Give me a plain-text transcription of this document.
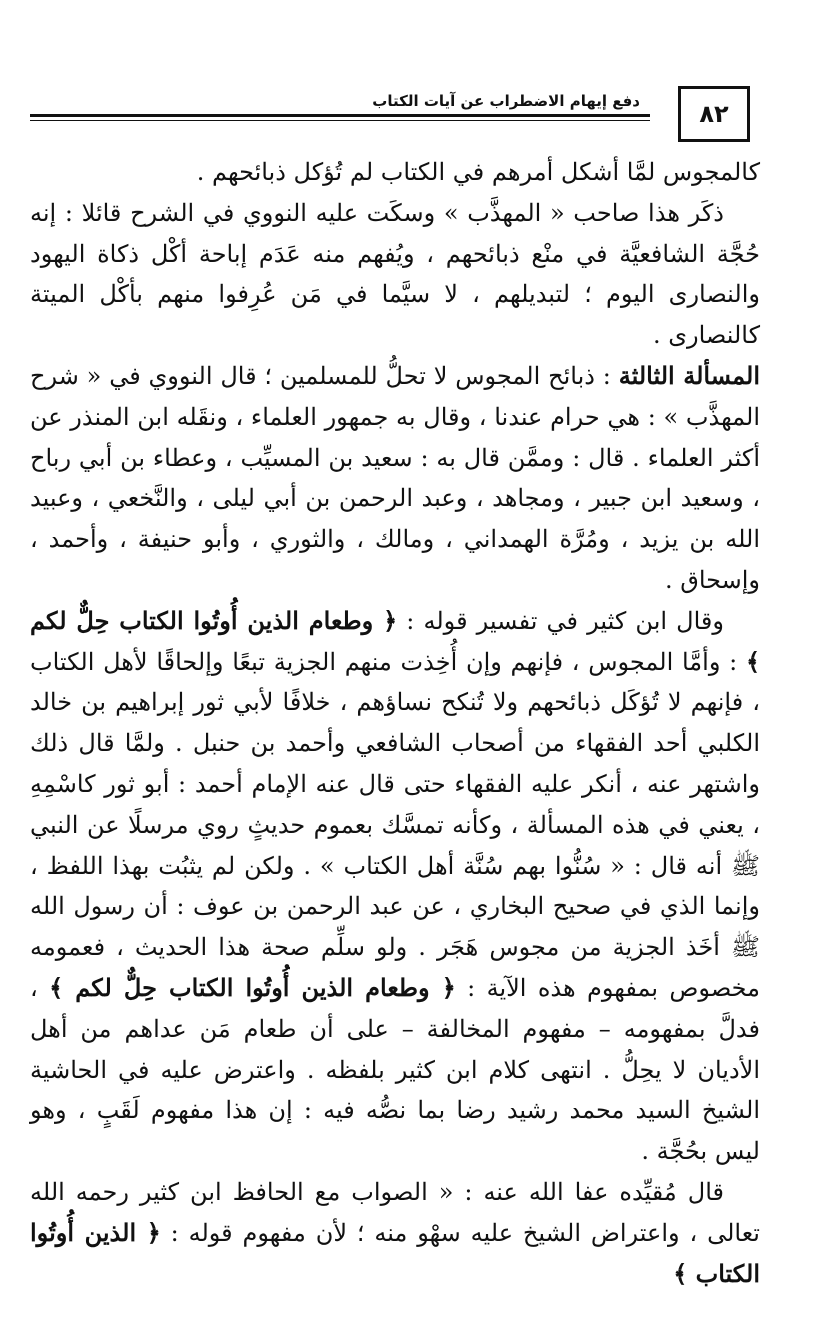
٨٢
دفع إيهام الاضطراب عن آيات الكتاب

كالمجوس لمَّا أشكل أمرهم في الكتاب لم تُؤكل ذبائحهم .

ذكَر هذا صاحب « المهذَّب » وسكَت عليه النووي في الشرح قائلا : إنه حُجَّة الشافعيَّة في منْع ذبائحهم ، ويُفهم منه عَدَم إباحة أكْل ذكاة اليهود والنصارى اليوم ؛ لتبديلهم ، لا سيَّما في مَن عُرِفوا منهم بأكْل الميتة كالنصارى .

المسألة الثالثة : ذبائح المجوس لا تحلُّ للمسلمين ؛ قال النووي في « شرح المهذَّب » : هي حرام عندنا ، وقال به جمهور العلماء ، ونقَله ابن المنذر عن أكثر العلماء . قال : وممَّن قال به : سعيد بن المسيِّب ، وعطاء بن أبي رباح ، وسعيد ابن جبير ، ومجاهد ، وعبد الرحمن بن أبي ليلى ، والنَّخعي ، وعبيد الله بن يزيد ، ومُرَّة الهمداني ، ومالك ، والثوري ، وأبو حنيفة ، وأحمد ، وإسحاق .

وقال ابن كثير في تفسير قوله : ﴿ وطعام الذين أُوتُوا الكتاب حِلٌّ لكم ﴾ : وأمَّا المجوس ، فإنهم وإن أُخِذت منهم الجزية تبعًا وإلحاقًا لأهل الكتاب ، فإنهم لا تُؤكَل ذبائحهم ولا تُنكح نساؤهم ، خلافًا لأبي ثور إبراهيم بن خالد الكلبي أحد الفقهاء من أصحاب الشافعي وأحمد بن حنبل . ولمَّا قال ذلك واشتهر عنه ، أنكر عليه الفقهاء حتى قال عنه الإمام أحمد : أبو ثور كاسْمِهِ ، يعني في هذه المسألة ، وكأنه تمسَّك بعموم حديثٍ روي مرسلًا عن النبي ﷺ أنه قال : « سُنُّوا بهم سُنَّة أهل الكتاب » . ولكن لم يثبُت بهذا اللفظ ، وإنما الذي في صحيح البخاري ، عن عبد الرحمن بن عوف : أن رسول الله ﷺ أخَذ الجزية من مجوس هَجَر . ولو سلِّم صحة هذا الحديث ، فعمومه مخصوص بمفهوم هذه الآية : ﴿ وطعام الذين أُوتُوا الكتاب حِلٌّ لكم ﴾ ، فدلَّ بمفهومه – مفهوم المخالفة – على أن طعام مَن عداهم من أهل الأديان لا يحِلُّ . انتهى كلام ابن كثير بلفظه . واعترض عليه في الحاشية الشيخ السيد محمد رشيد رضا بما نصُّه فيه : إن هذا مفهوم لَقَبٍ ، وهو ليس بحُجَّة .

قال مُقيِّده عفا الله عنه : « الصواب مع الحافظ ابن كثير رحمه الله تعالى ، واعتراض الشيخ عليه سهْو منه ؛ لأن مفهوم قوله : ﴿ الذين أُوتُوا الكتاب ﴾
